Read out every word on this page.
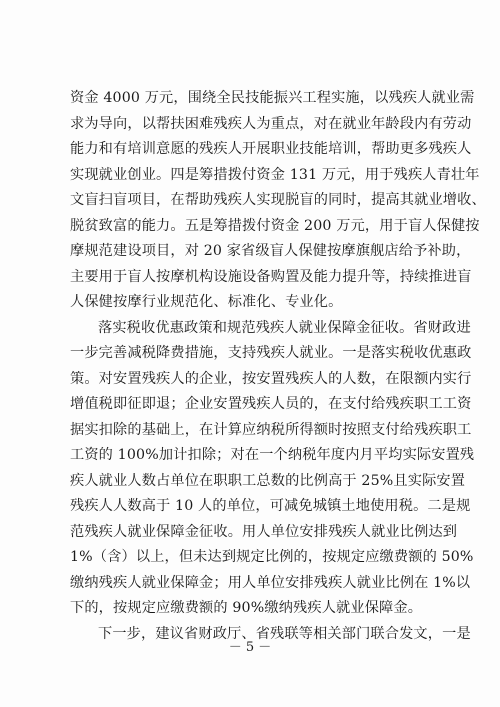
资金 4000 万元，围绕全民技能振兴工程实施，以残疾人就业需
求为导向，以帮扶困难残疾人为重点，对在就业年龄段内有劳动
能力和有培训意愿的残疾人开展职业技能培训，帮助更多残疾人
实现就业创业。四是筹措拨付资金 131 万元，用于残疾人青壮年
文盲扫盲项目，在帮助残疾人实现脱盲的同时，提高其就业增收、
脱贫致富的能力。五是筹措拨付资金 200 万元，用于盲人保健按
摩规范建设项目，对 20 家省级盲人保健按摩旗舰店给予补助，
主要用于盲人按摩机构设施设备购置及能力提升等，持续推进盲
人保健按摩行业规范化、标准化、专业化。
落实税收优惠政策和规范残疾人就业保障金征收。省财政进
一步完善减税降费措施，支持残疾人就业。一是落实税收优惠政
策。对安置残疾人的企业，按安置残疾人的人数，在限额内实行
增值税即征即退；企业安置残疾人员的，在支付给残疾职工工资
据实扣除的基础上，在计算应纳税所得额时按照支付给残疾职工
工资的 100%加计扣除；对在一个纳税年度内月平均实际安置残
疾人就业人数占单位在职职工总数的比例高于 25%且实际安置
残疾人人数高于 10 人的单位，可减免城镇土地使用税。二是规
范残疾人就业保障金征收。用人单位安排残疾人就业比例达到
1%（含）以上，但未达到规定比例的，按规定应缴费额的 50%
缴纳残疾人就业保障金；用人单位安排残疾人就业比例在 1%以
下的，按规定应缴费额的 90%缴纳残疾人就业保障金。
下一步，建议省财政厅、省残联等相关部门联合发文，一是
－ 5 －
